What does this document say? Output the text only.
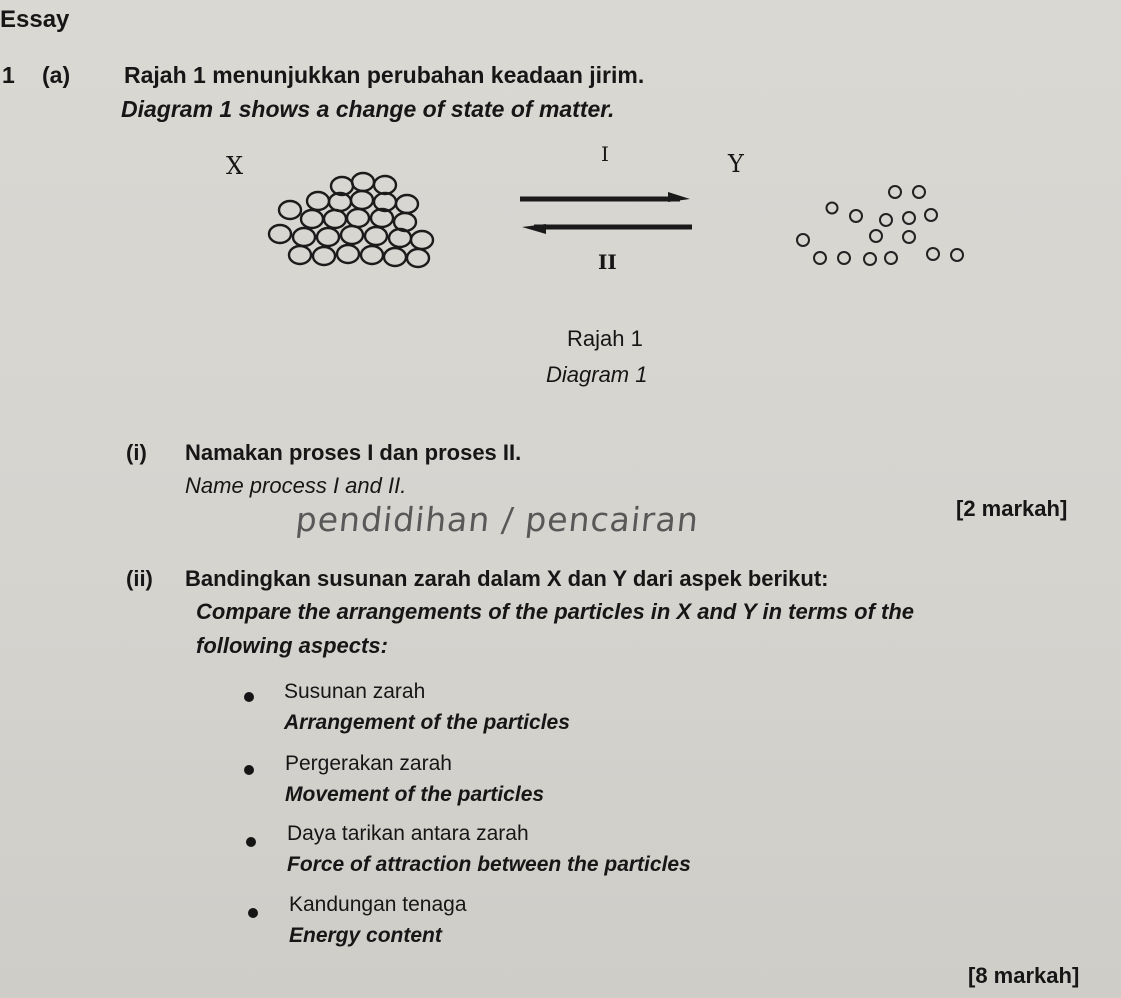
Essay
1 (a) Rajah 1 menunjukkan perubahan keadaan jirim.
Diagram 1 shows a change of state of matter.
X	I	Y
II
Rajah 1
Diagram 1
(i) Namakan proses I dan proses II.
Name process I and II.
[2 markah]
pendidihan / pencairan
(ii) Bandingkan susunan zarah dalam X dan Y dari aspek berikut:
Compare the arrangements of the particles in X and Y in terms of the
following aspects:
Susunan zarah
Arrangement of the particles
Pergerakan zarah
Movement of the particles
Daya tarikan antara zarah
Force of attraction between the particles
Kandungan tenaga
Energy content
[8 markah]
